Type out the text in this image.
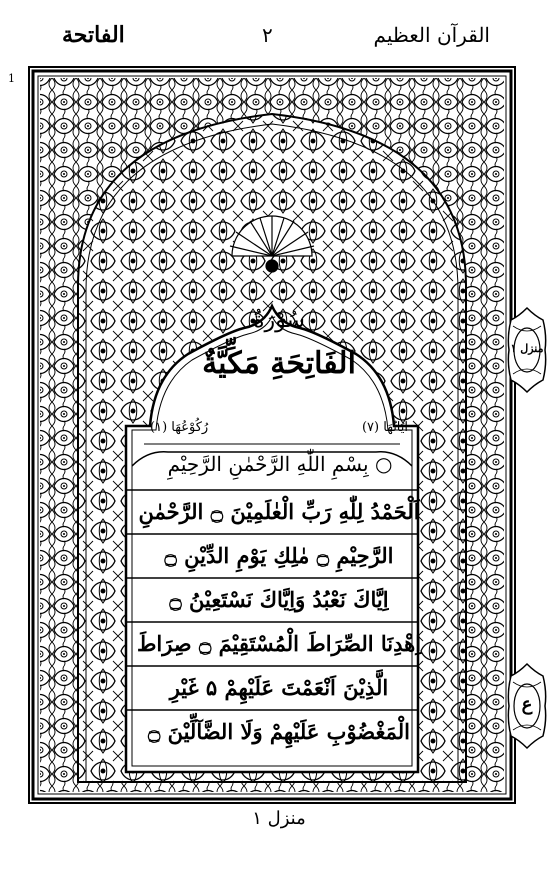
القرآن العظيم
۲
الفاتحة
1
سُوْرَةُ
الفَاتِحَةِ مَكِّيَّةٌ
اٰيَاتُهَا (٧)
رُكُوْعُهَا (١)
بِسْمِ اللّٰهِ الرَّحْمٰنِ الرَّحِيْمِ ○
اَلْحَمْدُ لِلّٰهِ رَبِّ الْعٰلَمِيْنَ ۝ الرَّحْمٰنِ
الرَّحِيْمِ ۝ مٰلِكِ يَوْمِ الدِّيْنِ ۝
اِيَّاكَ نَعْبُدُ وَاِيَّاكَ نَسْتَعِيْنُ ۝
اِهْدِنَا الصِّرَاطَ الْمُسْتَقِيْمَ ۝ صِرَاطَ
الَّذِيْنَ اَنْعَمْتَ عَلَيْهِمْ ۵ غَيْرِ
الْمَغْضُوْبِ عَلَيْهِمْ وَلَا الضَّآلِّيْنَ ۝
منزل ۱
ع
منزل ۱
